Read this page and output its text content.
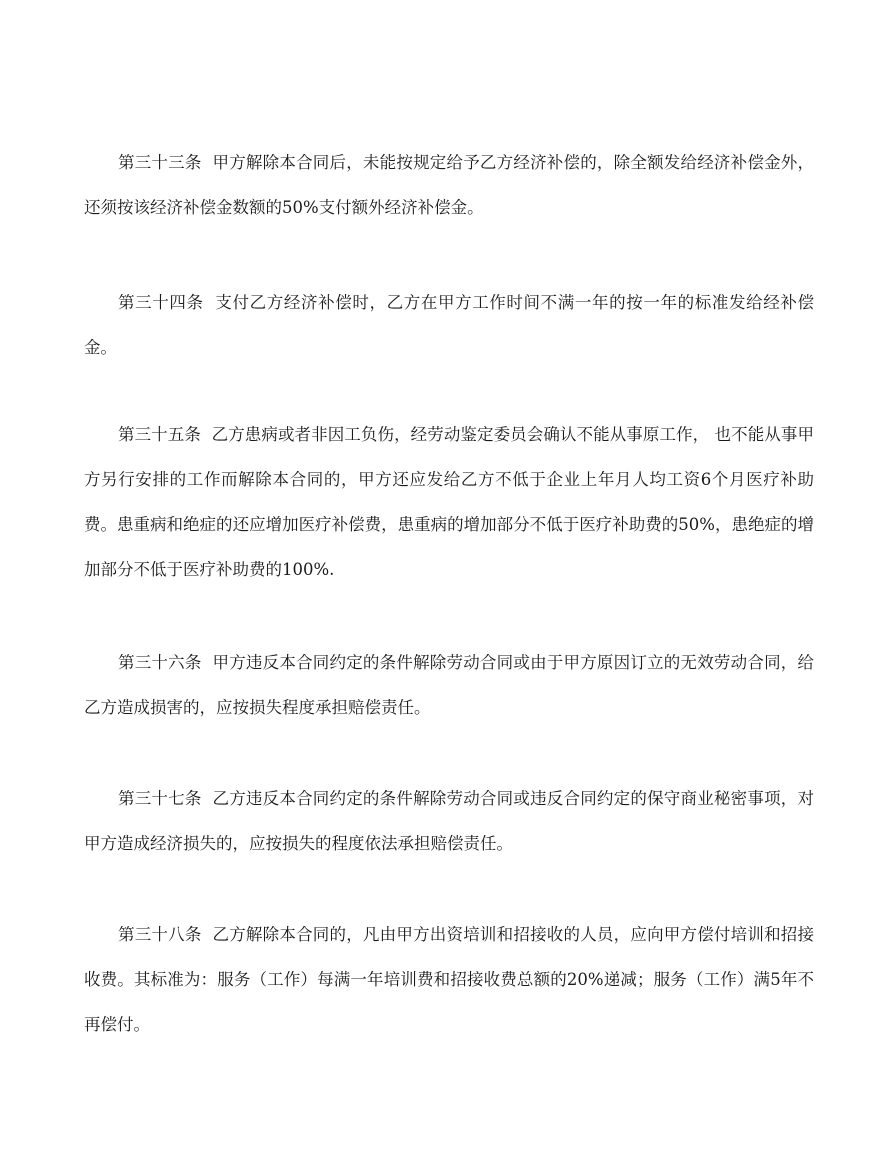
第三十三条 甲方解除本合同后，未能按规定给予乙方经济补偿的，除全额发给经济补偿金外，还须按该经济补偿金数额的50%支付额外经济补偿金。

第三十四条 支付乙方经济补偿时，乙方在甲方工作时间不满一年的按一年的标准发给经补偿金。

第三十五条 乙方患病或者非因工负伤，经劳动鉴定委员会确认不能从事原工作， 也不能从事甲方另行安排的工作而解除本合同的，甲方还应发给乙方不低于企业上年月人均工资6个月医疗补助费。患重病和绝症的还应增加医疗补偿费，患重病的增加部分不低于医疗补助费的50%，患绝症的增加部分不低于医疗补助费的100%.

第三十六条 甲方违反本合同约定的条件解除劳动合同或由于甲方原因订立的无效劳动合同，给乙方造成损害的，应按损失程度承担赔偿责任。

第三十七条 乙方违反本合同约定的条件解除劳动合同或违反合同约定的保守商业秘密事项，对甲方造成经济损失的，应按损失的程度依法承担赔偿责任。

第三十八条 乙方解除本合同的，凡由甲方出资培训和招接收的人员，应向甲方偿付培训和招接收费。其标准为：服务（工作）每满一年培训费和招接收费总额的20%递减；服务（工作）满5年不再偿付。
